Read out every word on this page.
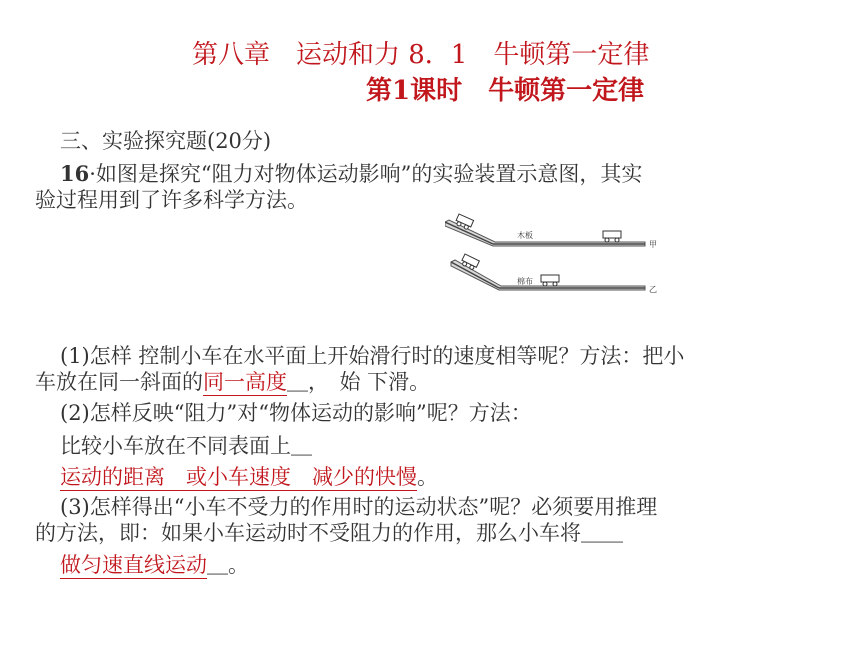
第八章　运动和力 8．1　牛顿第一定律
第1课时　牛顿第一定律
三、实验探究题(20分)
16·如图是探究“阻力对物体运动影响”的实验装置示意图，其实
验过程用到了许多科学方法。
木板
甲
棉布
乙
(1)怎样 控制小车在水平面上开始滑行时的速度相等呢？方法：把小
车放在同一斜面的同一高度＿，　始 下滑。
(2)怎样反映“阻力”对“物体运动的影响”呢？方法：
比较小车放在不同表面上＿
运动的距离　或小车速度　减少的快慢。
(3)怎样得出“小车不受力的作用时的运动状态”呢？必须要用推理
的方法，即：如果小车运动时不受阻力的作用，那么小车将＿＿
做匀速直线运动＿。
